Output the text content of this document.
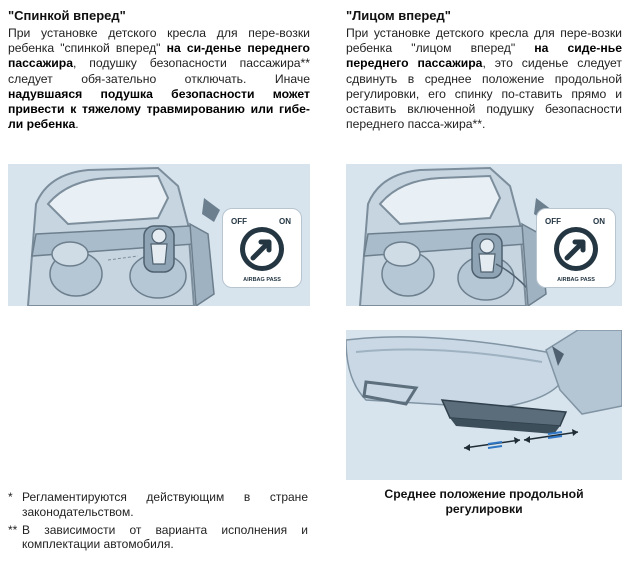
"Спинкой вперед"

При установке детского кресла для пере-возки ребенка "спинкой вперед" на си-денье переднего пассажира, подушку безопасности пассажира** следует обя-зательно отключать. Иначе надувшаяся подушка безопасности может привести к тяжелому травмированию или гибе-ли ребенка.

OFF	ON
AIRBAG PASS
"Лицом вперед"

При установке детского кресла для пере-возки ребенка "лицом вперед" на сиде-нье переднего пассажира, это сиденье следует сдвинуть в среднее положение продольной регулировки, его спинку по-ставить прямо и оставить включенной подушку безопасности переднего пасса-жира**.

OFF	ON
AIRBAG PASS
Среднее положение продольной
регулировки
* Регламентируются действующим в стране законодательством.
** В зависимости от варианта исполнения и комплектации автомобиля.
